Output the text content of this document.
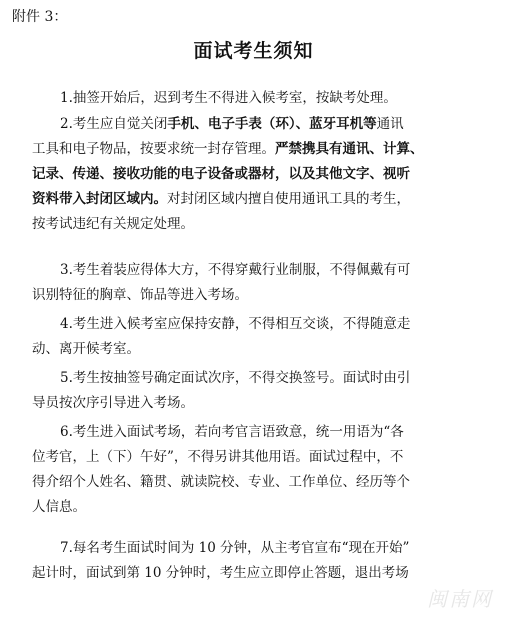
附件 3：
面试考生须知
1.抽签开始后，迟到考生不得进入候考室，按缺考处理。
2.考生应自觉关闭手机、电子手表（环）、蓝牙耳机等通讯
工具和电子物品，按要求统一封存管理。严禁携具有通讯、计算、
记录、传递、接收功能的电子设备或器材，以及其他文字、视听
资料带入封闭区域内。对封闭区域内擅自使用通讯工具的考生，
按考试违纪有关规定处理。
3.考生着装应得体大方，不得穿戴行业制服，不得佩戴有可
识别特征的胸章、饰品等进入考场。
4.考生进入候考室应保持安静，不得相互交谈，不得随意走
动、离开候考室。
5.考生按抽签号确定面试次序，不得交换签号。面试时由引
导员按次序引导进入考场。
6.考生进入面试考场，若向考官言语致意，统一用语为“各
位考官，上（下）午好”，不得另讲其他用语。面试过程中，不
得介绍个人姓名、籍贯、就读院校、专业、工作单位、经历等个
人信息。
7.每名考生面试时间为 10 分钟，从主考官宣布“现在开始”
起计时，面试到第 10 分钟时，考生应立即停止答题，退出考场
闽南网
